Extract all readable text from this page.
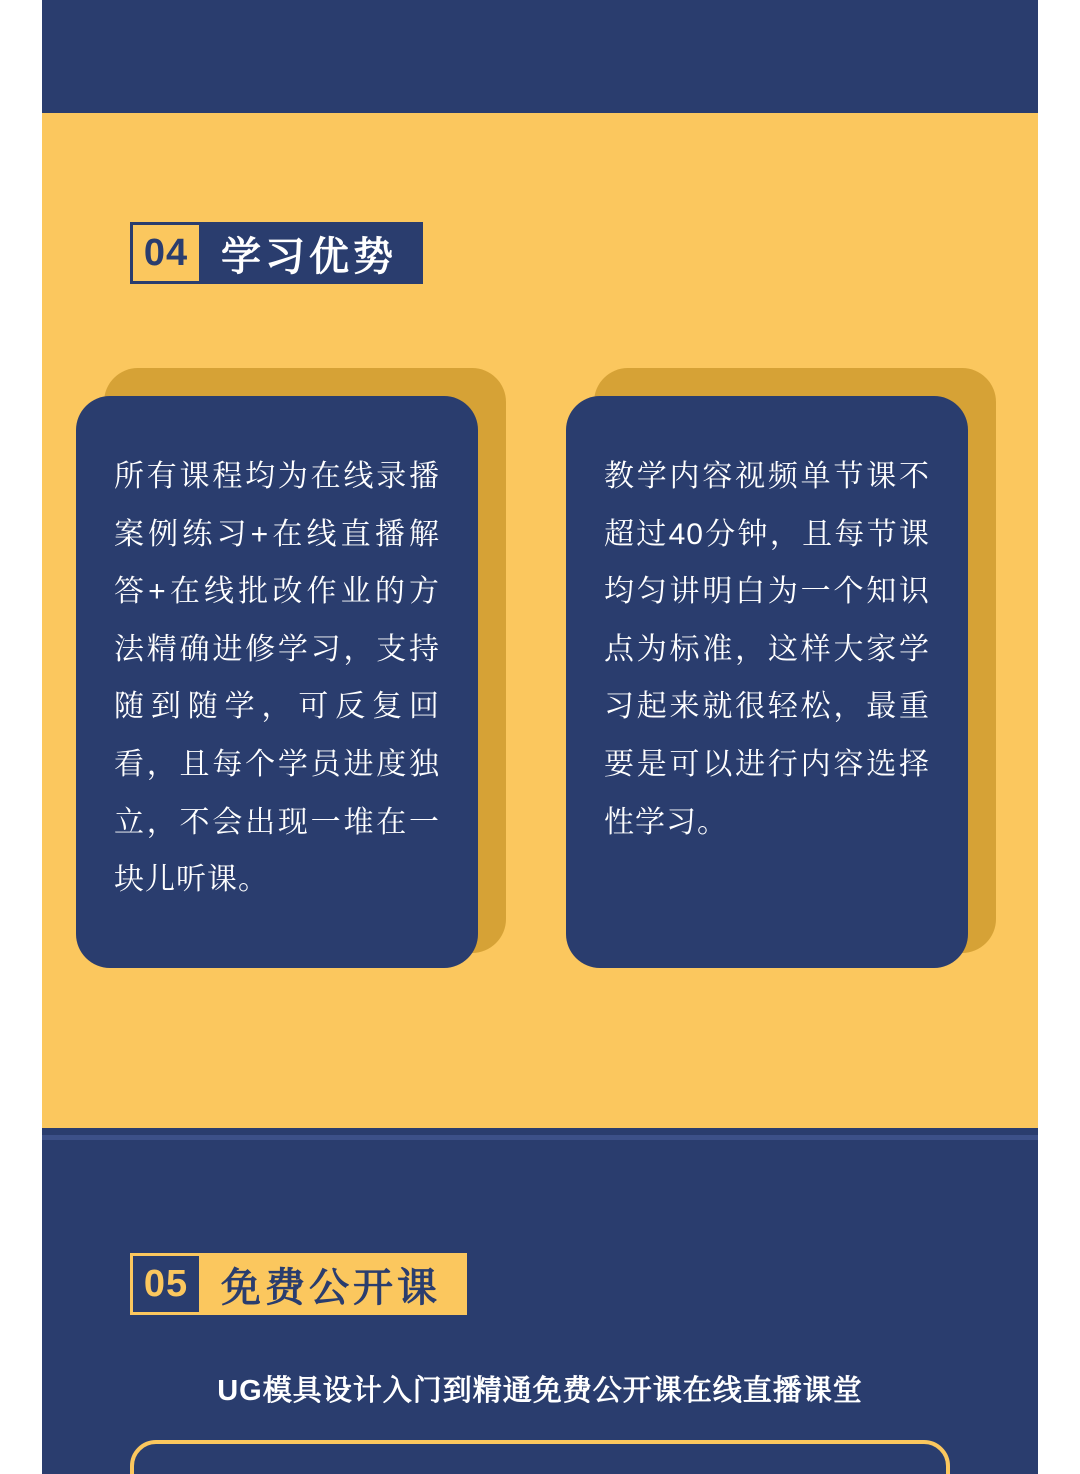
04 学习优势

所有课程均为在线录播案例练习+在线直播解答+在线批改作业的方法精确进修学习，支持随到随学，可反复回看，且每个学员进度独立，不会出现一堆在一块儿听课。

教学内容视频单节课不超过40分钟，且每节课均匀讲明白为一个知识点为标准，这样大家学习起来就很轻松，最重要是可以进行内容选择性学习。

05 免费公开课
UG模具设计入门到精通免费公开课在线直播课堂
